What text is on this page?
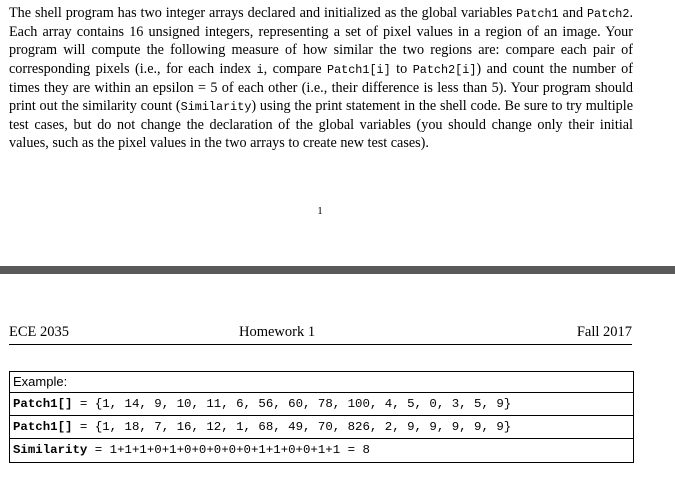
The shell program has two integer arrays declared and initialized as the global variables Patch1 and Patch2. Each array contains 16 unsigned integers, representing a set of pixel values in a region of an image. Your program will compute the following measure of how similar the two regions are: compare each pair of corresponding pixels (i.e., for each index i, compare Patch1[i] to Patch2[i]) and count the number of times they are within an epsilon = 5 of each other (i.e., their difference is less than 5). Your program should print out the similarity count (Similarity) using the print statement in the shell code. Be sure to try multiple test cases, but do not change the declaration of the global variables (you should change only their initial values, such as the pixel values in the two arrays to create new test cases).
1
ECE 2035	Homework 1	Fall 2017
Example:
Patch1[] = {1, 14, 9, 10, 11, 6, 56, 60, 78, 100, 4, 5, 0, 3, 5, 9}
Patch1[] = {1, 18, 7, 16, 12, 1, 68, 49, 70, 826, 2, 9, 9, 9, 9, 9}
Similarity = 1+1+1+0+1+0+0+0+0+0+1+1+0+0+1+1 = 8
